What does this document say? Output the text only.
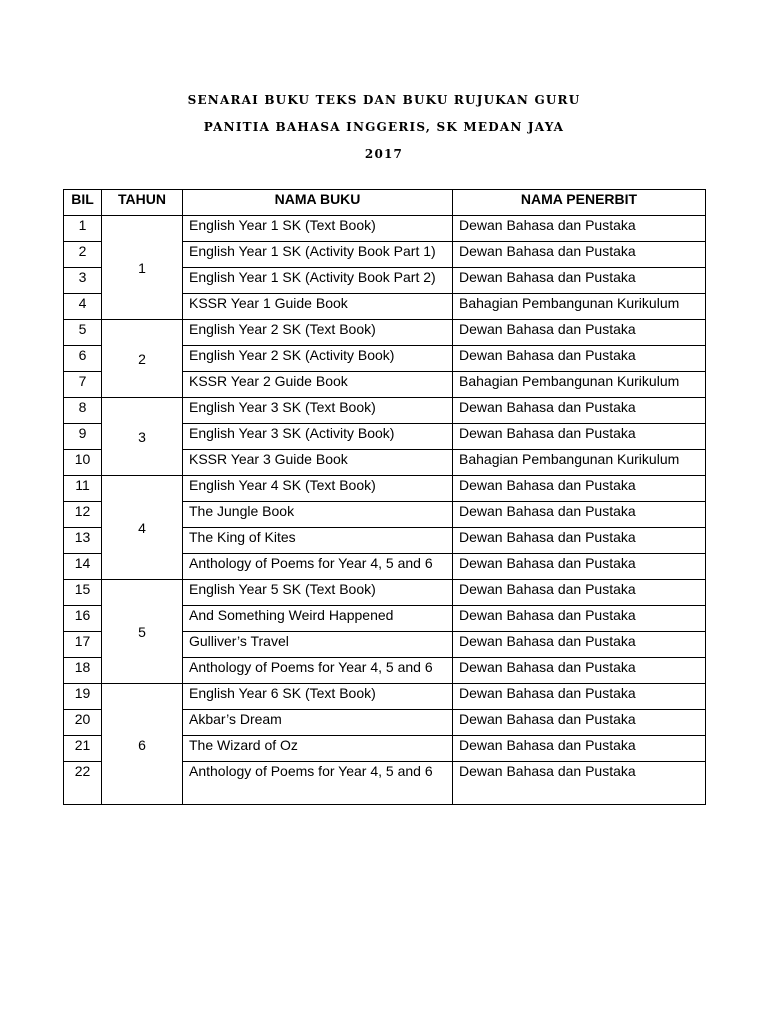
SENARAI BUKU TEKS DAN BUKU RUJUKAN GURU
PANITIA BAHASA INGGERIS, SK MEDAN JAYA
2017
BIL	TAHUN	NAMA BUKU	NAMA PENERBIT
1	1	English Year 1 SK (Text Book)	Dewan Bahasa dan Pustaka
2		English Year 1 SK (Activity Book Part 1)	Dewan Bahasa dan Pustaka
3		English Year 1 SK (Activity Book Part 2)	Dewan Bahasa dan Pustaka
4		KSSR Year 1 Guide Book	Bahagian Pembangunan Kurikulum
5	2	English Year 2 SK (Text Book)	Dewan Bahasa dan Pustaka
6		English Year 2 SK (Activity Book)	Dewan Bahasa dan Pustaka
7		KSSR Year 2 Guide Book	Bahagian Pembangunan Kurikulum
8	3	English Year 3 SK (Text Book)	Dewan Bahasa dan Pustaka
9		English Year 3 SK (Activity Book)	Dewan Bahasa dan Pustaka
10		KSSR Year 3 Guide Book	Bahagian Pembangunan Kurikulum
11	4	English Year 4 SK (Text Book)	Dewan Bahasa dan Pustaka
12		The Jungle Book	Dewan Bahasa dan Pustaka
13		The King of Kites	Dewan Bahasa dan Pustaka
14		Anthology of Poems for Year 4, 5 and 6	Dewan Bahasa dan Pustaka
15	5	English Year 5 SK (Text Book)	Dewan Bahasa dan Pustaka
16		And Something Weird Happened	Dewan Bahasa dan Pustaka
17		Gulliver’s Travel	Dewan Bahasa dan Pustaka
18		Anthology of Poems for Year 4, 5 and 6	Dewan Bahasa dan Pustaka
19	6	English Year 6 SK (Text Book)	Dewan Bahasa dan Pustaka
20		Akbar’s Dream	Dewan Bahasa dan Pustaka
21		The Wizard of Oz	Dewan Bahasa dan Pustaka
22		Anthology of Poems for Year 4, 5 and 6	Dewan Bahasa dan Pustaka
